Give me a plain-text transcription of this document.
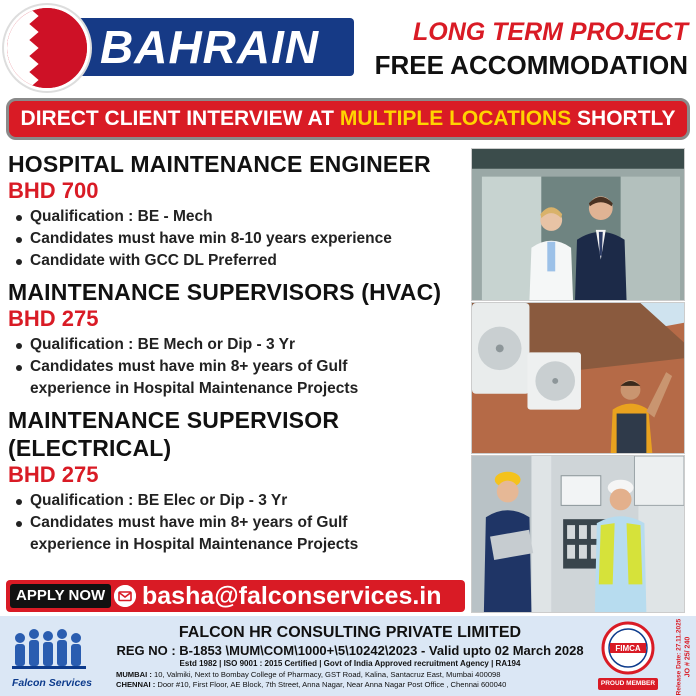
BAHRAIN	LONG TERM PROJECT
FREE ACCOMMODATION
DIRECT CLIENT INTERVIEW AT MULTIPLE LOCATIONS SHORTLY
HOSPITAL MAINTENANCE ENGINEER
BHD 700
Qualification : BE - Mech
Candidates must have min 8-10 years experience
Candidate with GCC DL Preferred
MAINTENANCE SUPERVISORS (HVAC)
BHD 275
Qualification : BE Mech or Dip - 3 Yr
Candidates must have min 8+ years of Gulf experience in Hospital Maintenance Projects
MAINTENANCE SUPERVISOR
(ELECTRICAL)
BHD 275
Qualification : BE Elec or Dip - 3 Yr
Candidates must have min 8+ years of Gulf experience in Hospital Maintenance Projects
APPLY NOW basha@falconservices.in
Falcon Services
FALCON HR CONSULTING PRIVATE LIMITED
REG NO : B-1853 \MUM\COM\1000+\5\10242\2023 - Valid upto 02 March 2028
Estd 1982 | ISO 9001 : 2015 Certified | Govt of India Approved recruitment Agency | RA194
MUMBAI : 10, Valmiki, Next to Bombay College of Pharmacy, GST Road, Kalina, Santacruz East, Mumbai 400098
CHENNAI : Door #10, First Floor, AE Block, 7th Street, Anna Nagar, Near Anna Nagar Post Office , Chennai 600040
FIMCA
PROUD MEMBER	Release Date: 27.11.2025 JO # 25/ 240
